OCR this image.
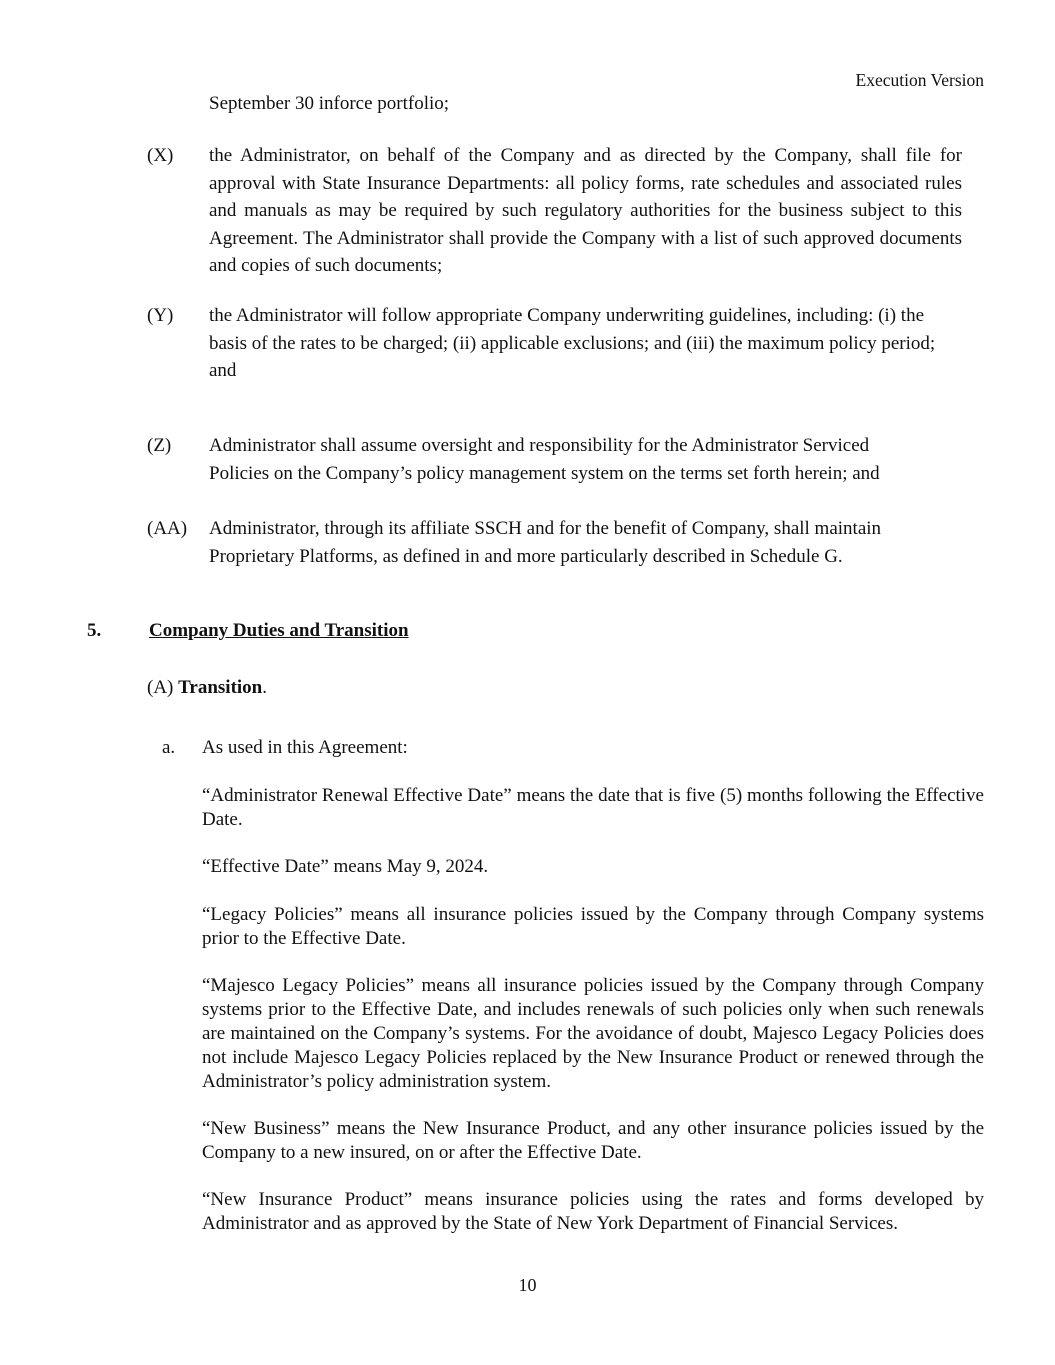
Execution Version
September 30 inforce portfolio;
(X) the Administrator, on behalf of the Company and as directed by the Company, shall file for approval with State Insurance Departments: all policy forms, rate schedules and associated rules and manuals as may be required by such regulatory authorities for the business subject to this Agreement. The Administrator shall provide the Company with a list of such approved documents and copies of such documents;
(Y) the Administrator will follow appropriate Company underwriting guidelines, including: (i) the basis of the rates to be charged; (ii) applicable exclusions; and (iii) the maximum policy period; and
(Z) Administrator shall assume oversight and responsibility for the Administrator Serviced
Policies on the Company’s policy management system on the terms set forth herein; and
(AA) Administrator, through its affiliate SSCH and for the benefit of Company, shall maintain
Proprietary Platforms, as defined in and more particularly described in Schedule G.
5.	Company Duties and Transition
(A) Transition.
a. As used in this Agreement:
“Administrator Renewal Effective Date” means the date that is five (5) months following the Effective Date.
“Effective Date” means May 9, 2024.
“Legacy Policies” means all insurance policies issued by the Company through Company systems prior to the Effective Date.
“Majesco Legacy Policies” means all insurance policies issued by the Company through Company systems prior to the Effective Date, and includes renewals of such policies only when such renewals are maintained on the Company’s systems. For the avoidance of doubt, Majesco Legacy Policies does not include Majesco Legacy Policies replaced by the New Insurance Product or renewed through the Administrator’s policy administration system.
“New Business” means the New Insurance Product, and any other insurance policies issued by the Company to a new insured, on or after the Effective Date.
“New Insurance Product” means insurance policies using the rates and forms developed by Administrator and as approved by the State of New York Department of Financial Services.
10
